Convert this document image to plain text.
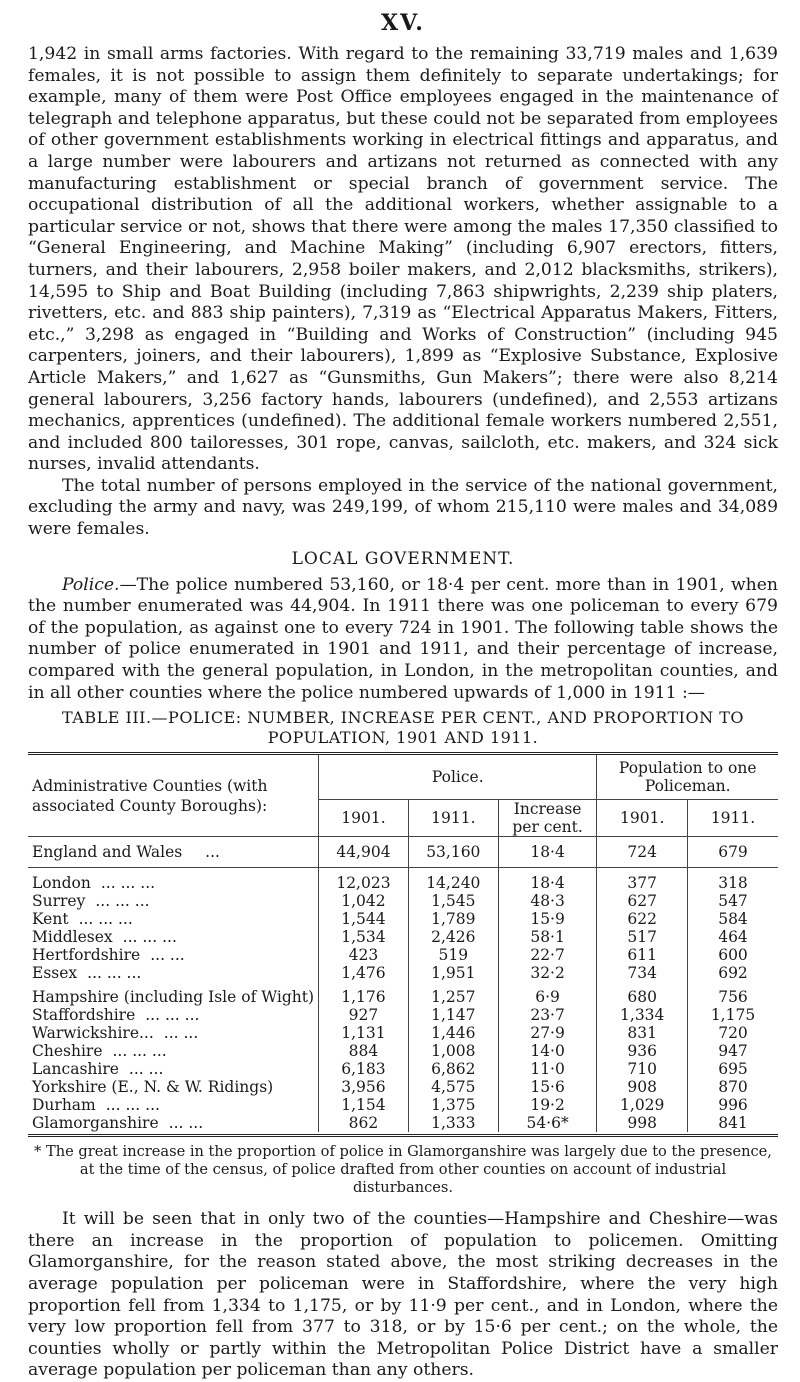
XV.

1,942 in small arms factories. With regard to the remaining 33,719 males and 1,639 females, it is not possible to assign them definitely to separate undertakings; for example, many of them were Post Office employees engaged in the maintenance of telegraph and telephone apparatus, but these could not be separated from employees of other government establishments working in electrical fittings and apparatus, and a large number were labourers and artizans not returned as connected with any manufacturing establishment or special branch of government service. The occupational distribution of all the additional workers, whether assignable to a particular service or not, shows that there were among the males 17,350 classified to “General Engineering, and Machine Making” (including 6,907 erectors, fitters, turners, and their labourers, 2,958 boiler makers, and 2,012 blacksmiths, strikers), 14,595 to Ship and Boat Building (including 7,863 shipwrights, 2,239 ship platers, rivetters, etc. and 883 ship painters), 7,319 as “Electrical Apparatus Makers, Fitters, etc.,” 3,298 as engaged in “Building and Works of Construction” (including 945 carpenters, joiners, and their labourers), 1,899 as “Explosive Substance, Explosive Article Makers,” and 1,627 as “Gunsmiths, Gun Makers”; there were also 8,214 general labourers, 3,256 factory hands, labourers (undefined), and 2,553 artizans mechanics, apprentices (undefined). The additional female workers numbered 2,551, and included 800 tailoresses, 301 rope, canvas, sailcloth, etc. makers, and 324 sick nurses, invalid attendants.

The total number of persons employed in the service of the national government, excluding the army and navy, was 249,199, of whom 215,110 were males and 34,089 were females.

LOCAL GOVERNMENT.

Police.—The police numbered 53,160, or 18·4 per cent. more than in 1901, when the number enumerated was 44,904. In 1911 there was one policeman to every 679 of the population, as against one to every 724 in 1901. The following table shows the number of police enumerated in 1901 and 1911, and their percentage of increase, compared with the general population, in London, in the metropolitan counties, and in all other counties where the police numbered upwards of 1,000 in 1911 :—

TABLE III.—POLICE: NUMBER, INCREASE PER CENT., AND PROPORTION TO POPULATION, 1901 AND 1911.
Administrative Counties (with associated County Boroughs):	Police.			Population to one Policeman.	
	1901.	1911.	Increase per cent.	1901.	1911.
England and Wales ...	44,904	53,160	18·4	724	679
London ... ... ...	12,023	14,240	18·4	377	318
Surrey ... ... ...	1,042	1,545	48·3	627	547
Kent ... ... ...	1,544	1,789	15·9	622	584
Middlesex ... ... ...	1,534	2,426	58·1	517	464
Hertfordshire ... ...	423	519	22·7	611	600
Essex ... ... ...	1,476	1,951	32·2	734	692
Hampshire (including Isle of Wight)	1,176	1,257	6·9	680	756
Staffordshire ... ... ...	927	1,147	23·7	1,334	1,175
Warwickshire... ... ...	1,131	1,446	27·9	831	720
Cheshire ... ... ...	884	1,008	14·0	936	947
Lancashire ... ...	6,183	6,862	11·0	710	695
Yorkshire (E., N. & W. Ridings)	3,956	4,575	15·6	908	870
Durham ... ... ...	1,154	1,375	19·2	1,029	996
Glamorganshire ... ...	862	1,333	54·6*	998	841

* The great increase in the proportion of police in Glamorganshire was largely due to the presence, at the time of the census, of police drafted from other counties on account of industrial disturbances.

It will be seen that in only two of the counties—Hampshire and Cheshire—was there an increase in the proportion of population to policemen. Omitting Glamorganshire, for the reason stated above, the most striking decreases in the average population per policeman were in Staffordshire, where the very high proportion fell from 1,334 to 1,175, or by 11·9 per cent., and in London, where the very low proportion fell from 377 to 318, or by 15·6 per cent.; on the whole, the counties wholly or partly within the Metropolitan Police District have a smaller average population per policeman than any others.
